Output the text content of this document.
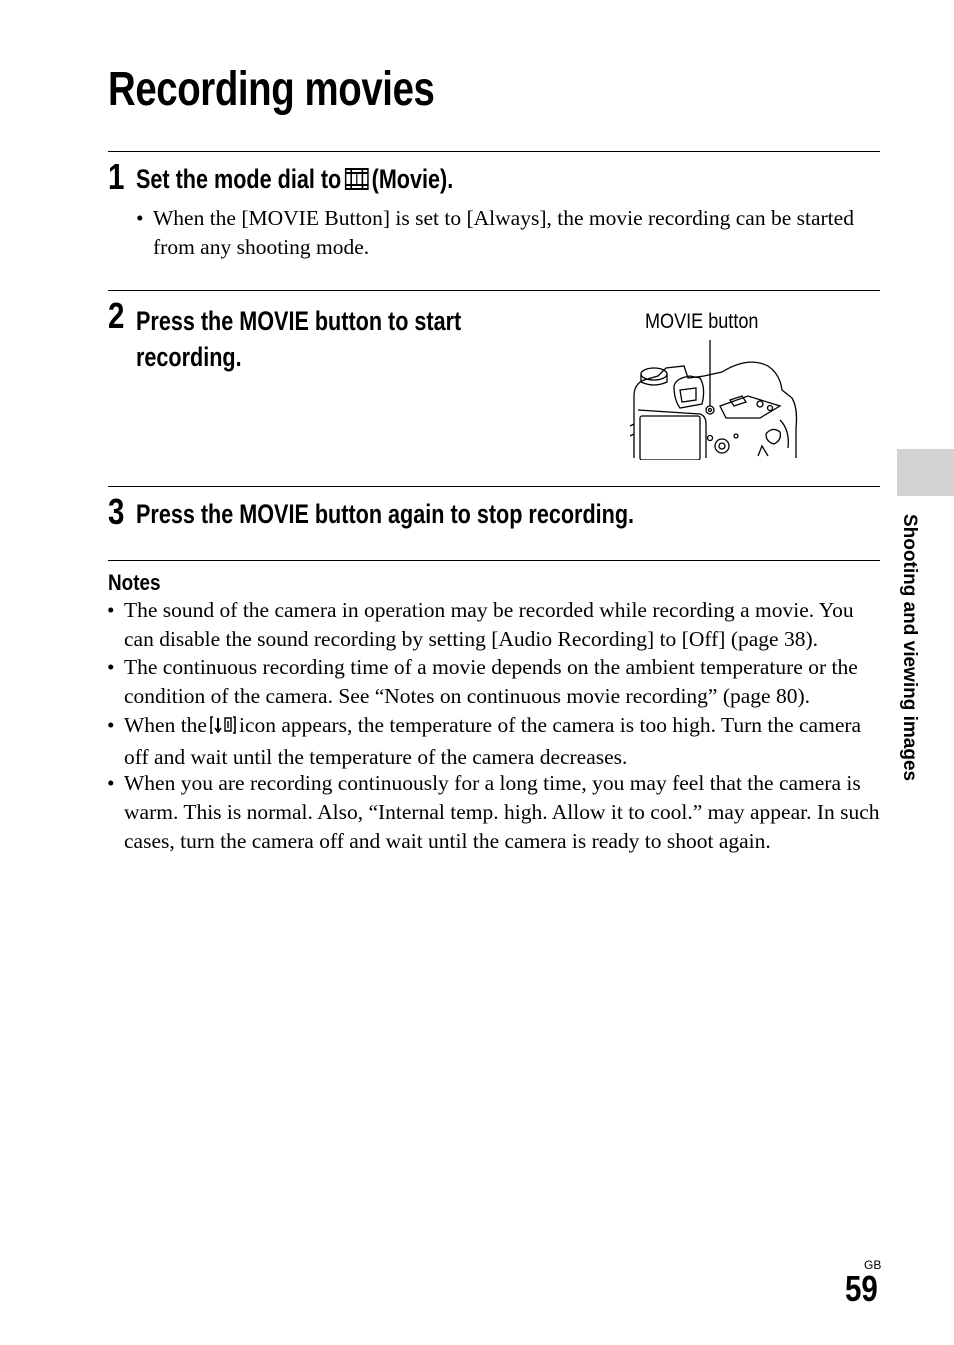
Recording movies
1 Set the mode dial to (Movie).
• When the [MOVIE Button] is set to [Always], the movie recording can be started from any shooting mode.
2 Press the MOVIE button to start recording.
MOVIE button
3 Press the MOVIE button again to stop recording.
Notes
• The sound of the camera in operation may be recorded while recording a movie. You can disable the sound recording by setting [Audio Recording] to [Off] (page 38).
• The continuous recording time of a movie depends on the ambient temperature or the condition of the camera. See “Notes on continuous movie recording” (page 80).
• When the icon appears, the temperature of the camera is too high. Turn the camera off and wait until the temperature of the camera decreases.
• When you are recording continuously for a long time, you may feel that the camera is warm. This is normal. Also, “Internal temp. high. Allow it to cool.” may appear. In such cases, turn the camera off and wait until the camera is ready to shoot again.
Shooting and viewing images
GB
59
